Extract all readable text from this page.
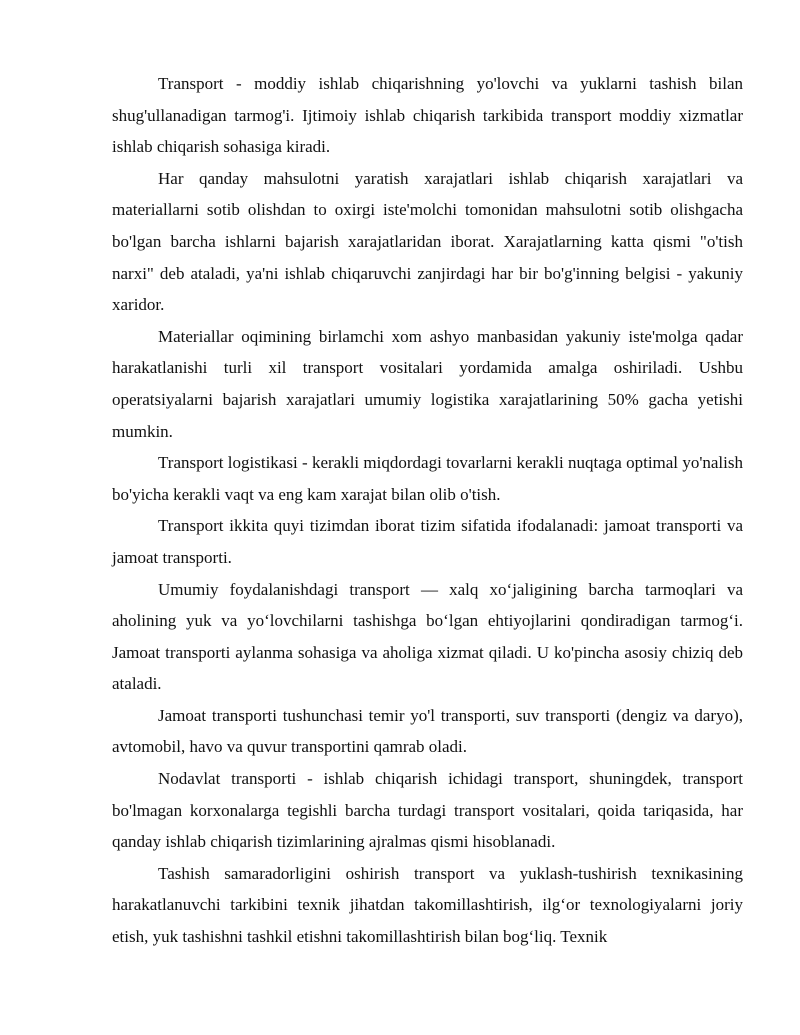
Transport - moddiy ishlab chiqarishning yo'lovchi va yuklarni tashish bilan shug'ullanadigan tarmog'i. Ijtimoiy ishlab chiqarish tarkibida transport moddiy xizmatlar ishlab chiqarish sohasiga kiradi.

Har qanday mahsulotni yaratish xarajatlari ishlab chiqarish xarajatlari va materiallarni sotib olishdan to oxirgi iste'molchi tomonidan mahsulotni sotib olishgacha bo'lgan barcha ishlarni bajarish xarajatlaridan iborat. Xarajatlarning katta qismi "o'tish narxi" deb ataladi, ya'ni ishlab chiqaruvchi zanjirdagi har bir bo'g'inning belgisi - yakuniy xaridor.

Materiallar oqimining birlamchi xom ashyo manbasidan yakuniy iste'molga qadar harakatlanishi turli xil transport vositalari yordamida amalga oshiriladi. Ushbu operatsiyalarni bajarish xarajatlari umumiy logistika xarajatlarining 50% gacha yetishi mumkin.

Transport logistikasi - kerakli miqdordagi tovarlarni kerakli nuqtaga optimal yo'nalish bo'yicha kerakli vaqt va eng kam xarajat bilan olib o'tish.

Transport ikkita quyi tizimdan iborat tizim sifatida ifodalanadi: jamoat transporti va jamoat transporti.

Umumiy foydalanishdagi transport — xalq xo‘jaligining barcha tarmoqlari va aholining yuk va yo‘lovchilarni tashishga bo‘lgan ehtiyojlarini qondiradigan tarmog‘i. Jamoat transporti aylanma sohasiga va aholiga xizmat qiladi. U ko'pincha asosiy chiziq deb ataladi.

Jamoat transporti tushunchasi temir yo'l transporti, suv transporti (dengiz va daryo), avtomobil, havo va quvur transportini qamrab oladi.

Nodavlat transporti - ishlab chiqarish ichidagi transport, shuningdek, transport bo'lmagan korxonalarga tegishli barcha turdagi transport vositalari, qoida tariqasida, har qanday ishlab chiqarish tizimlarining ajralmas qismi hisoblanadi.

Tashish samaradorligini oshirish transport va yuklash-tushirish texnikasining harakatlanuvchi tarkibini texnik jihatdan takomillashtirish, ilg‘or texnologiyalarni joriy etish, yuk tashishni tashkil etishni takomillashtirish bilan bog‘liq. Texnik
